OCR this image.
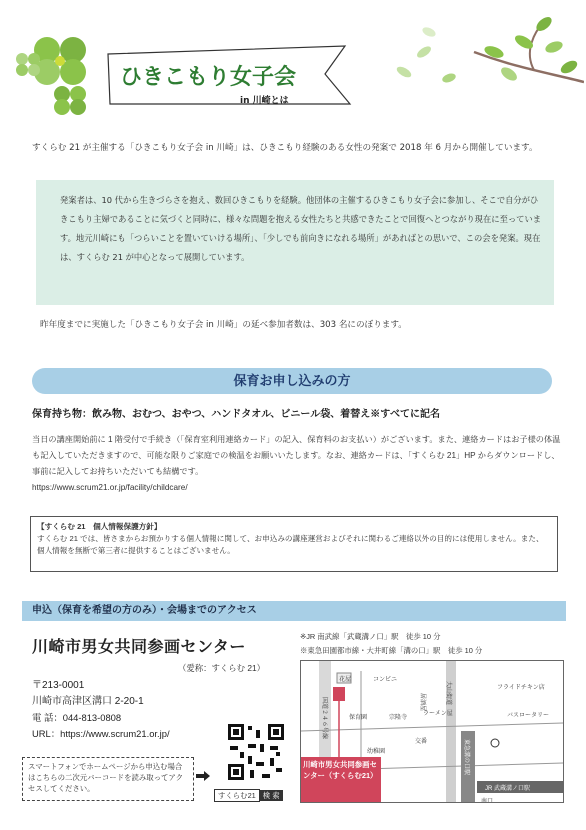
ひきこもり女子会
in 川崎とは
すくらむ 21 が主催する「ひきこもり女子会 in 川崎」は、ひきこもり経験のある女性の発案で 2018 年 6 月から開催しています。
発案者は、10 代から生きづらさを抱え、数回ひきこもりを経験。他団体の主催するひきこもり女子会に参加し、そこで自分がひきこもり主婦であることに気づくと同時に、様々な問題を抱える女性たちと共感できたことで回復へとつながり現在に至っています。地元川崎にも「つらいことを置いていける場所」、「少しでも前向きになれる場所」があればとの思いで、この会を発案。現在は、すくらむ 21 が中心となって展開しています。
昨年度までに実施した「ひきこもり女子会 in 川崎」の延べ参加者数は、303 名にのぼります。
保育お申し込みの方
保育持ち物：飲み物、おむつ、おやつ、ハンドタオル、ビニール袋、着替え※すべてに記名
当日の講座開始前に 1 階受付で手続き（「保育室利用連絡カード」の記入、保育料のお支払い）がございます。また、連絡カードはお子様の体温も記入していただきますので、可能な限りご家庭での検温をお願いいたします。なお、連絡カードは、「すくらむ 21」HP からダウンロードし、事前に記入してお持ちいただいても結構です。
https://www.scrum21.or.jp/facility/childcare/
【すくらむ 21　個人情報保護方針】
すくらむ 21 では、皆さまからお預かりする個人情報に関して、お申込みの講座運営およびそれに関わるご連絡以外の目的には使用しません。また、個人情報を無断で第三者に提供することはございません。
申込（保育を希望の方のみ）・会場までのアクセス
川崎市男女共同参画センター
（愛称：すくらむ 21）
〒213-0001
川崎市高津区溝口 2-20-1
電 話：044-813-0808
URL：https://www.scrum21.or.jp/
※JR 南武線「武蔵溝ノ口」駅　徒歩 10 分
※東急田園都市線・大井町線「溝の口」駅　徒歩 10 分
スマートフォンでホームページから申込む場合はこちらの二次元バーコードを読み取ってアクセスしてください。
すくらむ21 検 索
国道２４６号線
大山街道
東急溝の口駅
JR 武蔵溝ノ口駅
花屋	コンビニ
居酒屋
保育園	宗隆寺
ラーメン屋
フライドチキン店
バスロータリー
幼稚園
交番
南口
川崎市男女共同参画センター（すくらむ21）
